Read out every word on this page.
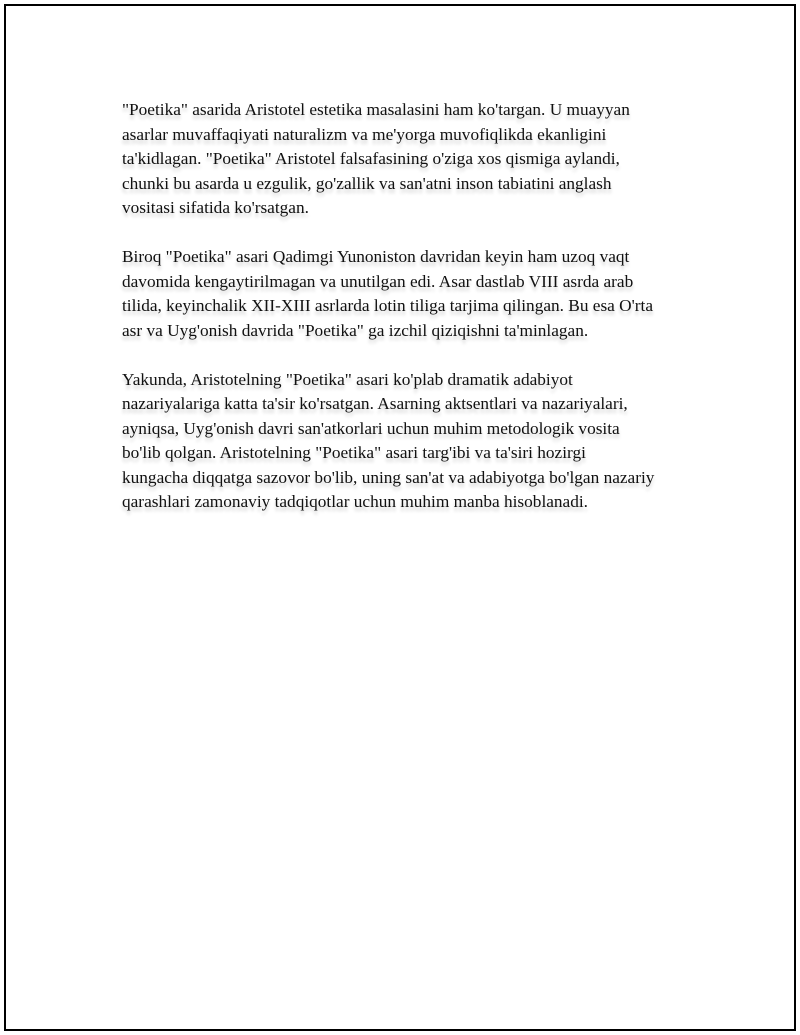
"Poetika" asarida Aristotel estetika masalasini ham ko'targan. U muayyan
asarlar muvaffaqiyati naturalizm va me'yorga muvofiqlikda ekanligini
ta'kidlagan. "Poetika" Aristotel falsafasining o'ziga xos qismiga aylandi,
chunki bu asarda u ezgulik, go'zallik va san'atni inson tabiatini anglash
vositasi sifatida ko'rsatgan.

Biroq "Poetika" asari Qadimgi Yunoniston davridan keyin ham uzoq vaqt
davomida kengaytirilmagan va unutilgan edi. Asar dastlab VIII asrda arab
tilida, keyinchalik XII-XIII asrlarda lotin tiliga tarjima qilingan. Bu esa O'rta
asr va Uyg'onish davrida "Poetika" ga izchil qiziqishni ta'minlagan.

Yakunda, Aristotelning "Poetika" asari ko'plab dramatik adabiyot
nazariyalariga katta ta'sir ko'rsatgan. Asarning aktsentlari va nazariyalari,
ayniqsa, Uyg'onish davri san'atkorlari uchun muhim metodologik vosita
bo'lib qolgan. Aristotelning "Poetika" asari targ'ibi va ta'siri hozirgi
kungacha diqqatga sazovor bo'lib, uning san'at va adabiyotga bo'lgan nazariy
qarashlari zamonaviy tadqiqotlar uchun muhim manba hisoblanadi.
